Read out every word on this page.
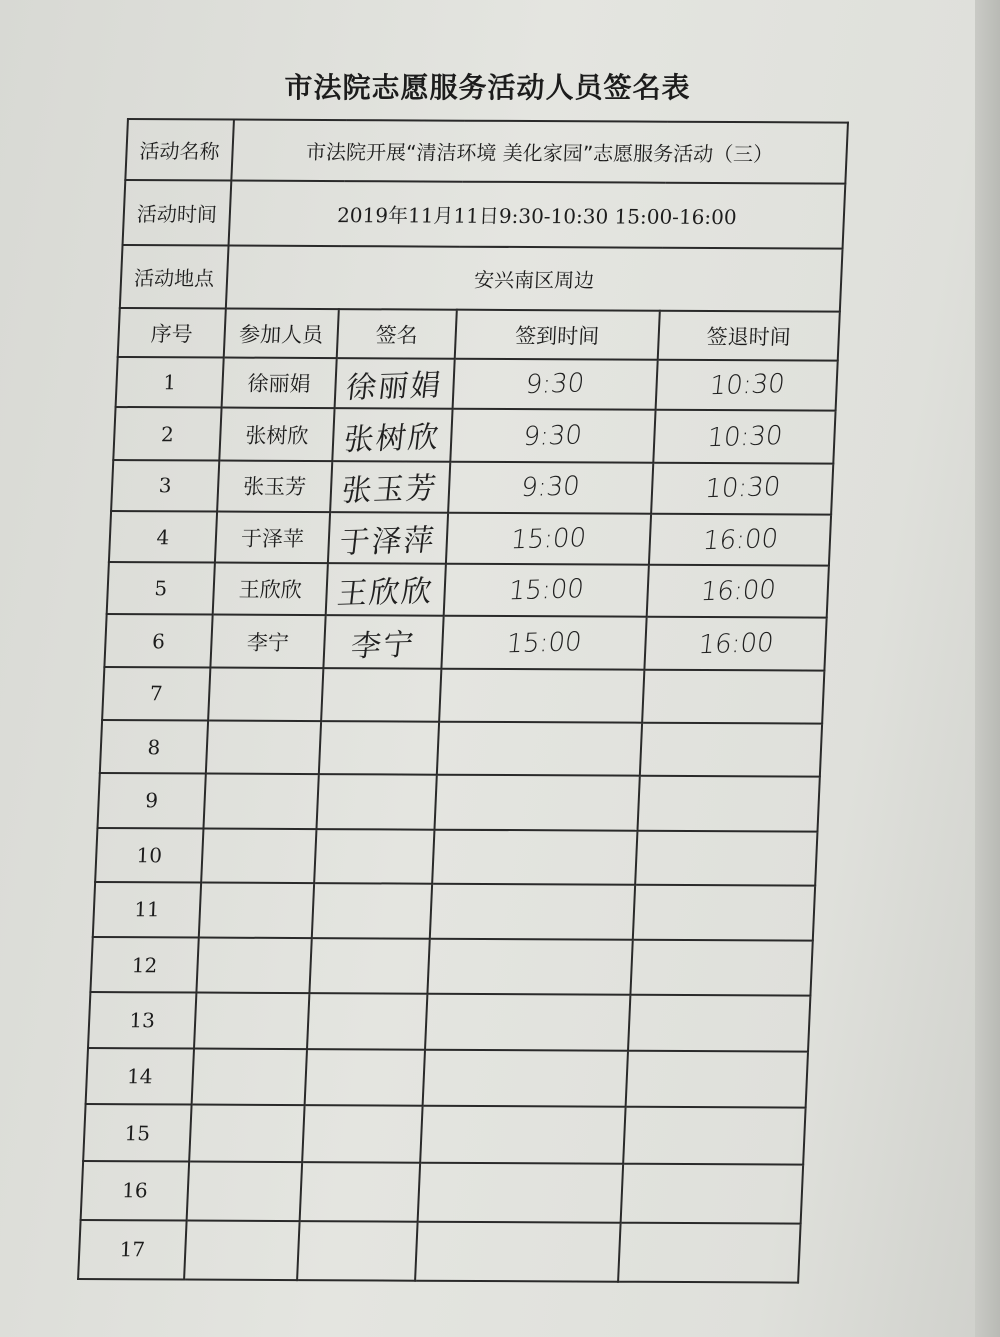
市法院志愿服务活动人员签名表
活动名称	市法院开展“清洁环境 美化家园”志愿服务活动（三）			
活动时间	2019年11月11日9:30-10:30 15:00-16:00			
活动地点	安兴南区周边			
序号	参加人员	签名	签到时间	签退时间
1	徐丽娟	徐丽娟	9:30	10:30
2	张树欣	张树欣	9:30	10:30
3	张玉芳	张玉芳	9:30	10:30
4	于泽苹	于泽萍	15:00	16:00
5	王欣欣	王欣欣	15:00	16:00
6	李宁	李宁	15:00	16:00
7				
8				
9				
10				
11				
12				
13				
14				
15				
16				
17				
